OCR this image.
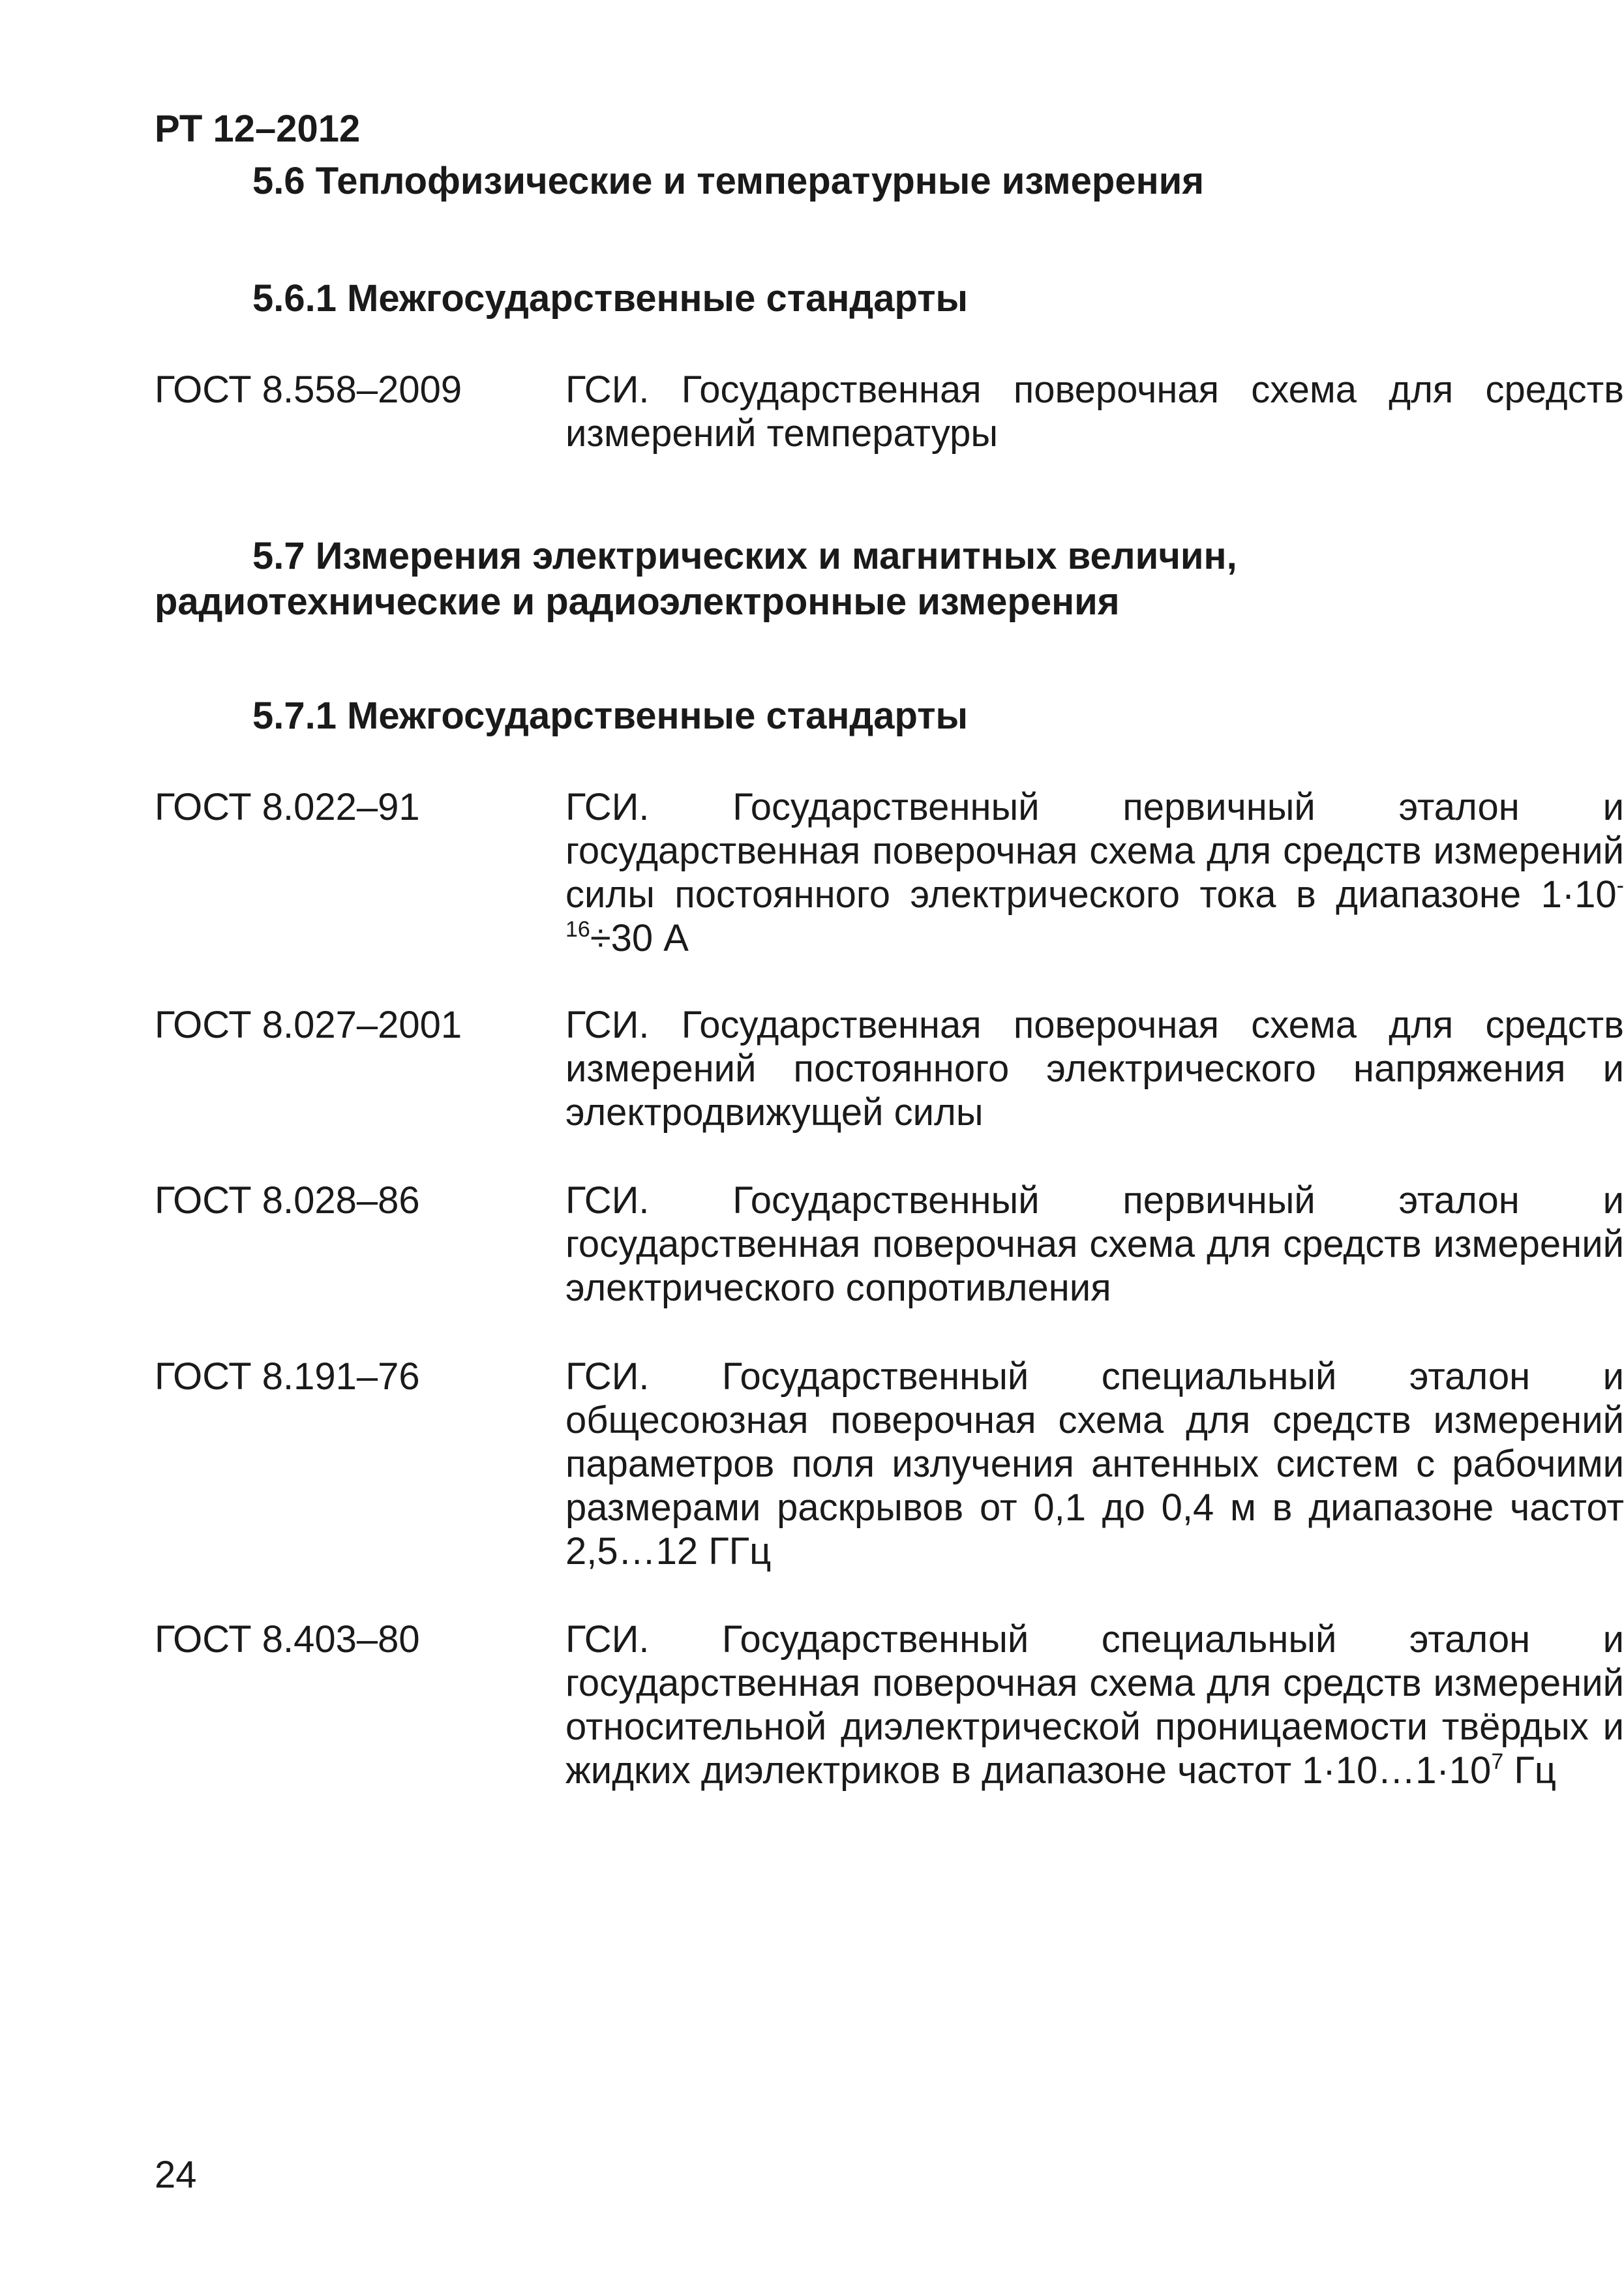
РТ 12–2012
5.6 Теплофизические и температурные измерения
5.6.1 Межгосударственные стандарты
ГОСТ 8.558–2009	ГСИ. Государственная поверочная схема для средств измерений температуры
5.7 Измерения электрических и магнитных величин, радиотехнические и радиоэлектронные измерения
5.7.1 Межгосударственные стандарты
ГОСТ 8.022–91	ГСИ. Государственный первичный эталон и государственная поверочная схема для средств измерений силы постоянного электрического тока в диапазоне $1\cdot 10^{-16}\div 30$ А
ГОСТ 8.027–2001	ГСИ. Государственная поверочная схема для средств измерений постоянного электрического напряжения и электродвижущей силы
ГОСТ 8.028–86	ГСИ. Государственный первичный эталон и государственная поверочная схема для средств измерений электрического сопротивления
ГОСТ 8.191–76	ГСИ. Государственный специальный эталон и общесоюзная поверочная схема для средств измерений параметров поля излучения антенных систем с рабочими размерами раскрывов от 0,1 до 0,4 м в диапазоне частот 2,5…12 ГГц
ГОСТ 8.403–80	ГСИ. Государственный специальный эталон и государственная поверочная схема для средств измерений относительной диэлектрической проницаемости твёрдых и жидких диэлектриков в диапазоне частот $1\cdot 10\dots 1\cdot 10^7$ Гц
24
